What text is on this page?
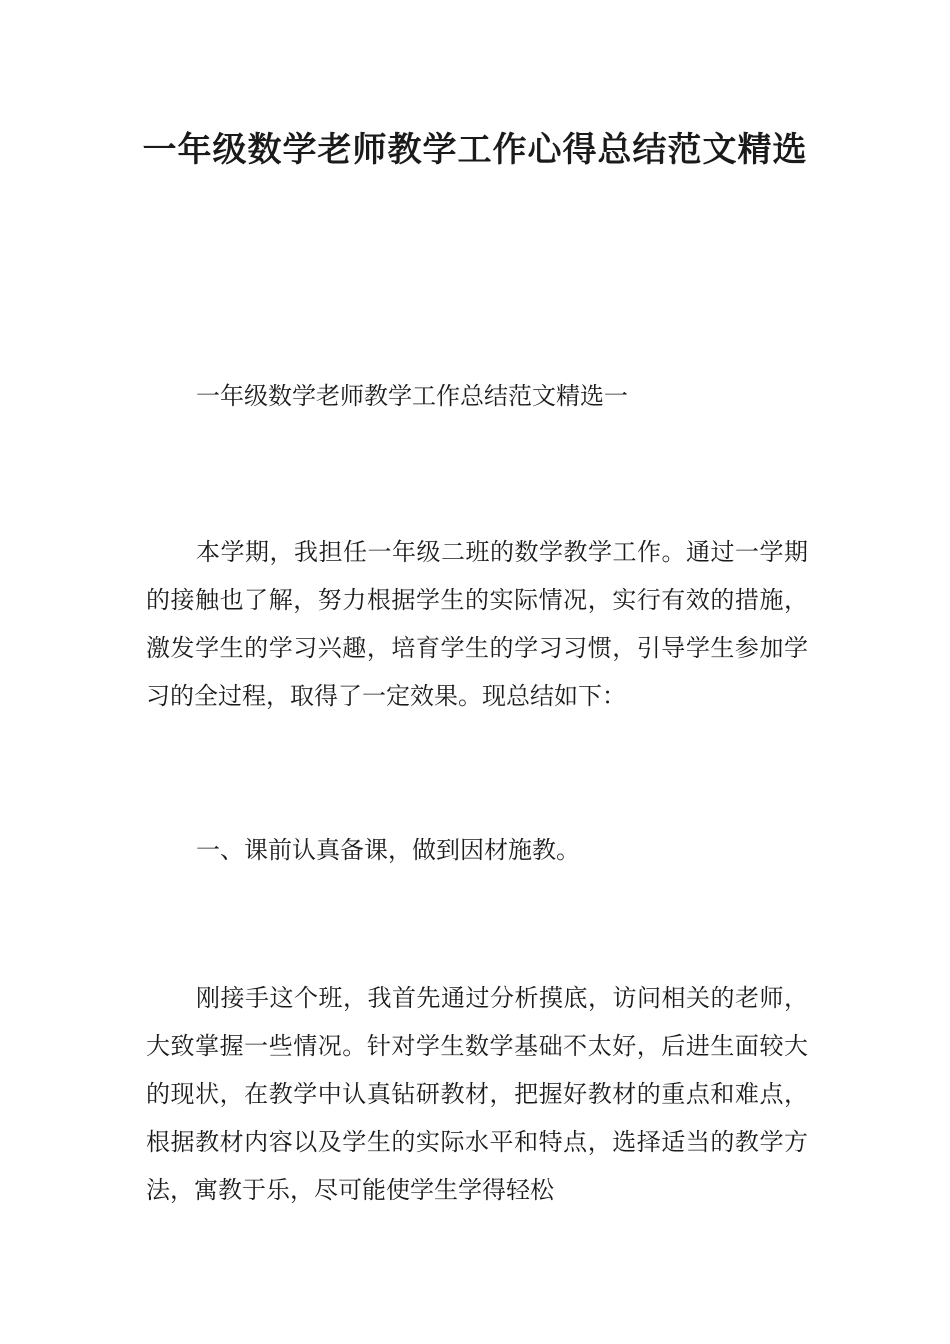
一年级数学老师教学工作心得总结范文精选

一年级数学老师教学工作总结范文精选一

本学期，我担任一年级二班的数学教学工作。通过一学期的接触也了解，努力根据学生的实际情况，实行有效的措施，激发学生的学习兴趣，培育学生的学习习惯，引导学生参加学习的全过程，取得了一定效果。现总结如下：

一、课前认真备课，做到因材施教。

刚接手这个班，我首先通过分析摸底，访问相关的老师，大致掌握一些情况。针对学生数学基础不太好，后进生面较大的现状，在教学中认真钻研教材，把握好教材的重点和难点，根据教材内容以及学生的实际水平和特点，选择适当的教学方法，寓教于乐，尽可能使学生学得轻松
